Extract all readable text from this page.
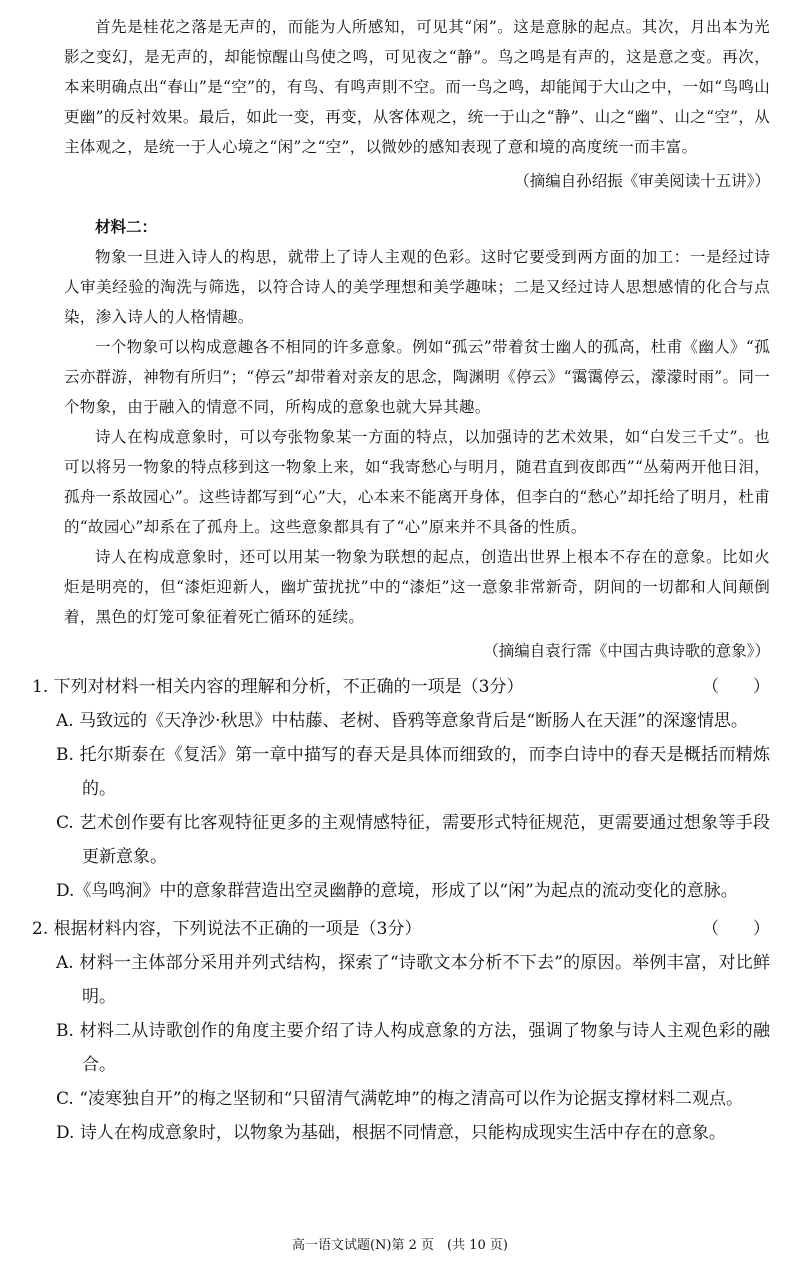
首先是桂花之落是无声的，而能为人所感知，可见其“闲”。这是意脉的起点。其次，月出本为光影之变幻，是无声的，却能惊醒山鸟使之鸣，可见夜之“静”。鸟之鸣是有声的，这是意之变。再次，本来明确点出“春山”是“空”的，有鸟、有鸣声則不空。而一鸟之鸣，却能闻于大山之中，一如“鸟鸣山更幽”的反衬效果。最后，如此一变，再变，从客体观之，统一于山之“静”、山之“幽”、山之“空”，从主体观之，是统一于人心境之“闲”之“空”，以微妙的感知表现了意和境的高度统一而丰富。

（摘编自孙绍振《审美阅读十五讲》）

材料二：

物象一旦进入诗人的构思，就带上了诗人主观的色彩。这时它要受到两方面的加工：一是经过诗人审美经验的淘洗与筛选，以符合诗人的美学理想和美学趣味；二是又经过诗人思想感情的化合与点染，渗入诗人的人格情趣。

一个物象可以构成意趣各不相同的许多意象。例如“孤云”带着贫士幽人的孤高，杜甫《幽人》“孤云亦群游，神物有所归”；“停云”却带着对亲友的思念，陶渊明《停云》“霭霭停云，濛濛时雨”。同一个物象，由于融入的情意不同，所构成的意象也就大异其趣。

诗人在构成意象时，可以夸张物象某一方面的特点，以加强诗的艺术效果，如“白发三千丈”。也可以将另一物象的特点移到这一物象上来，如“我寄愁心与明月，随君直到夜郎西”“丛菊两开他日泪，孤舟一系故园心”。这些诗都写到“心”大，心本来不能离开身体，但李白的“愁心”却托给了明月，杜甫的“故园心”却系在了孤舟上。这些意象都具有了“心”原来并不具备的性质。

诗人在构成意象时，还可以用某一物象为联想的起点，创造出世界上根本不存在的意象。比如火炬是明亮的，但“漆炬迎新人，幽圹萤扰扰”中的“漆炬”这一意象非常新奇，阴间的一切都和人间颠倒着，黑色的灯笼可象征着死亡循环的延续。

（摘编自袁行霈《中国古典诗歌的意象》）

1. 下列对材料一相关内容的理解和分析，不正确的一项是（3分）	（　　）

A. 马致远的《天净沙·秋思》中枯藤、老树、昏鸦等意象背后是“断肠人在天涯”的深邃情思。

B. 托尔斯泰在《复活》第一章中描写的春天是具体而细致的，而李白诗中的春天是概括而精炼的。

C. 艺术创作要有比客观特征更多的主观情感特征，需要形式特征规范，更需要通过想象等手段更新意象。

D.《鸟鸣涧》中的意象群营造出空灵幽静的意境，形成了以“闲”为起点的流动变化的意脉。

2. 根据材料内容，下列说法不正确的一项是（3分）	（　　）

A. 材料一主体部分采用并列式结构，探索了“诗歌文本分析不下去”的原因。举例丰富，对比鲜明。

B. 材料二从诗歌创作的角度主要介绍了诗人构成意象的方法，强调了物象与诗人主观色彩的融合。

C. “凌寒独自开”的梅之坚韧和“只留清气满乾坤”的梅之清高可以作为论据支撑材料二观点。

D. 诗人在构成意象时，以物象为基础，根据不同情意，只能构成现实生活中存在的意象。

高一语文试题(N)第 2 页　(共 10 页)
